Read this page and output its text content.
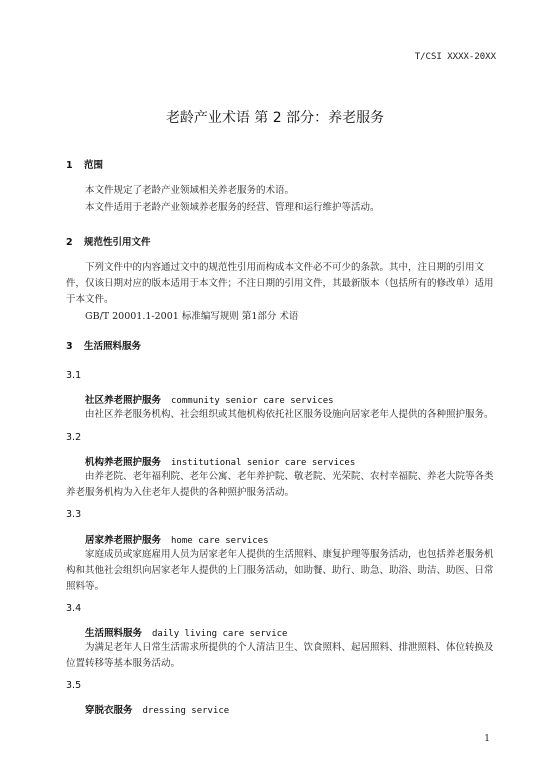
T/CSI XXXX-20XX
老龄产业术语 第 2 部分：养老服务
1 范围
本文件规定了老龄产业领域相关养老服务的术语。
本文件适用于老龄产业领域养老服务的经营、管理和运行维护等活动。
2 规范性引用文件
下列文件中的内容通过文中的规范性引用而构成本文件必不可少的条款。其中，注日期的引用文件，仅该日期对应的版本适用于本文件；不注日期的引用文件，其最新版本（包括所有的修改单）适用于本文件。
GB/T 20001.1-2001 标准编写规则 第1部分 术语
3 生活照料服务
3.1
社区养老照护服务 community senior care services
由社区养老服务机构、社会组织或其他机构依托社区服务设施向居家老年人提供的各种照护服务。
3.2
机构养老照护服务 institutional senior care services
由养老院、老年福利院、老年公寓、老年养护院、敬老院、光荣院、农村幸福院、养老大院等各类养老服务机构为入住老年人提供的各种照护服务活动。
3.3
居家养老照护服务 home care services
家庭成员或家庭雇用人员为居家老年人提供的生活照料、康复护理等服务活动，也包括养老服务机构和其他社会组织向居家老年人提供的上门服务活动，如助餐、助行、助急、助浴、助洁、助医、日常照料等。
3.4
生活照料服务 daily living care service
为满足老年人日常生活需求所提供的个人清洁卫生、饮食照料、起居照料、排泄照料、体位转换及位置转移等基本服务活动。
3.5
穿脱衣服务 dressing service
1
